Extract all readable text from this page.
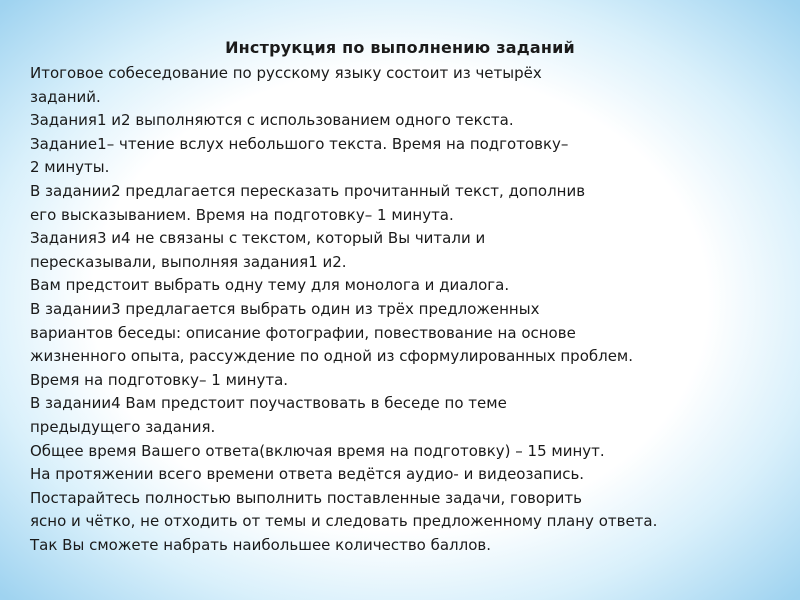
Инструкция по выполнению заданий
Итоговое собеседование по русскому языку состоит из четырёх
заданий.
Задания1 и2 выполняются с использованием одного текста.
Задание1– чтение вслух небольшого текста. Время на подготовку–
2 минуты.
В задании2 предлагается пересказать прочитанный текст, дополнив
его высказыванием. Время на подготовку– 1 минута.
Задания3 и4 не связаны с текстом, который Вы читали и
пересказывали, выполняя задания1 и2.
Вам предстоит выбрать одну тему для монолога и диалога.
В задании3 предлагается выбрать один из трёх предложенных
вариантов беседы: описание фотографии, повествование на основе
жизненного опыта, рассуждение по одной из сформулированных проблем.
Время на подготовку– 1 минута.
В задании4 Вам предстоит поучаствовать в беседе по теме
предыдущего задания.
Общее время Вашего ответа(включая время на подготовку) – 15 минут.
На протяжении всего времени ответа ведётся аудио- и видеозапись.
Постарайтесь полностью выполнить поставленные задачи, говорить
ясно и чётко, не отходить от темы и следовать предложенному плану ответа.
Так Вы сможете набрать наибольшее количество баллов.
